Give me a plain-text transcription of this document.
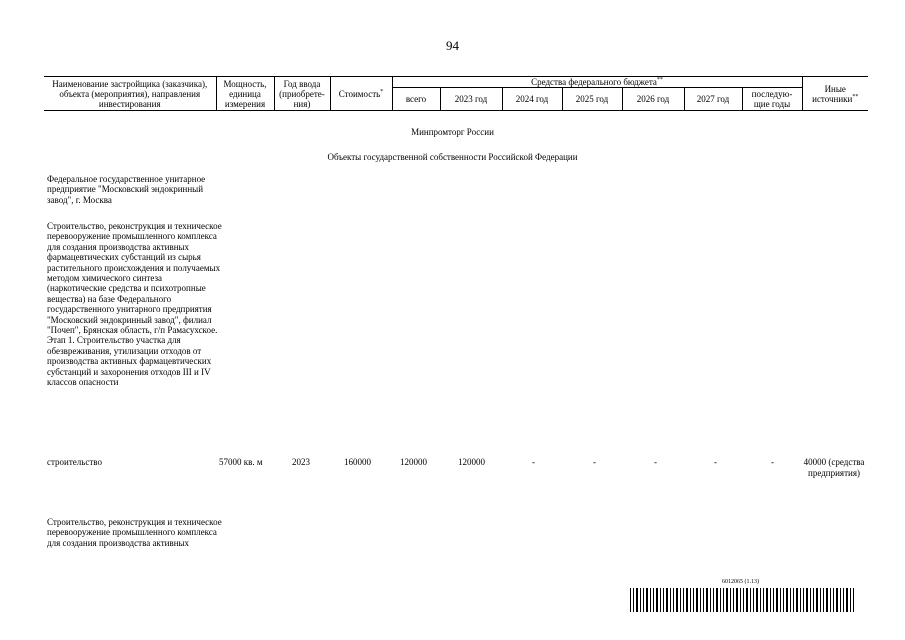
94
Наименование застройщика (заказчика), объекта (мероприятия), направления инвестирования	Мощность, единица измерения	Год ввода (приобрете- ния)	Стоимость*	Средства федерального бюджета**							Иные источники**
				всего	2023 год	2024 год	2025 год	2026 год	2027 год	последую- щие годы	
Минпромторг России
Объекты государственной собственности Российской Федерации
Федеральное государственное унитарное предприятие "Московский эндокринный завод", г. Москва
Строительство, реконструкция и техническое перевооружение промышленного комплекса для создания производства активных фармацевтических субстанций из сырья растительного происхождения и получаемых методом химического синтеза (наркотические средства и психотропные вещества) на базе Федерального государственного унитарного предприятия "Московский эндокринный завод", филиал "Почеп", Брянская область, г/п Рамасухское. Этап 1. Строительство участка для обезвреживания, утилизации отходов от производства активных фармацевтических субстанций и захоронения отходов III и IV классов опасности
строительство	57000 кв. м	2023	160000	120000	120000	-	-	-	-	-	40000 (средства предприятия)
Строительство, реконструкция и техническое перевооружение промышленного комплекса для создания производства активных
6012065 (1.13)
